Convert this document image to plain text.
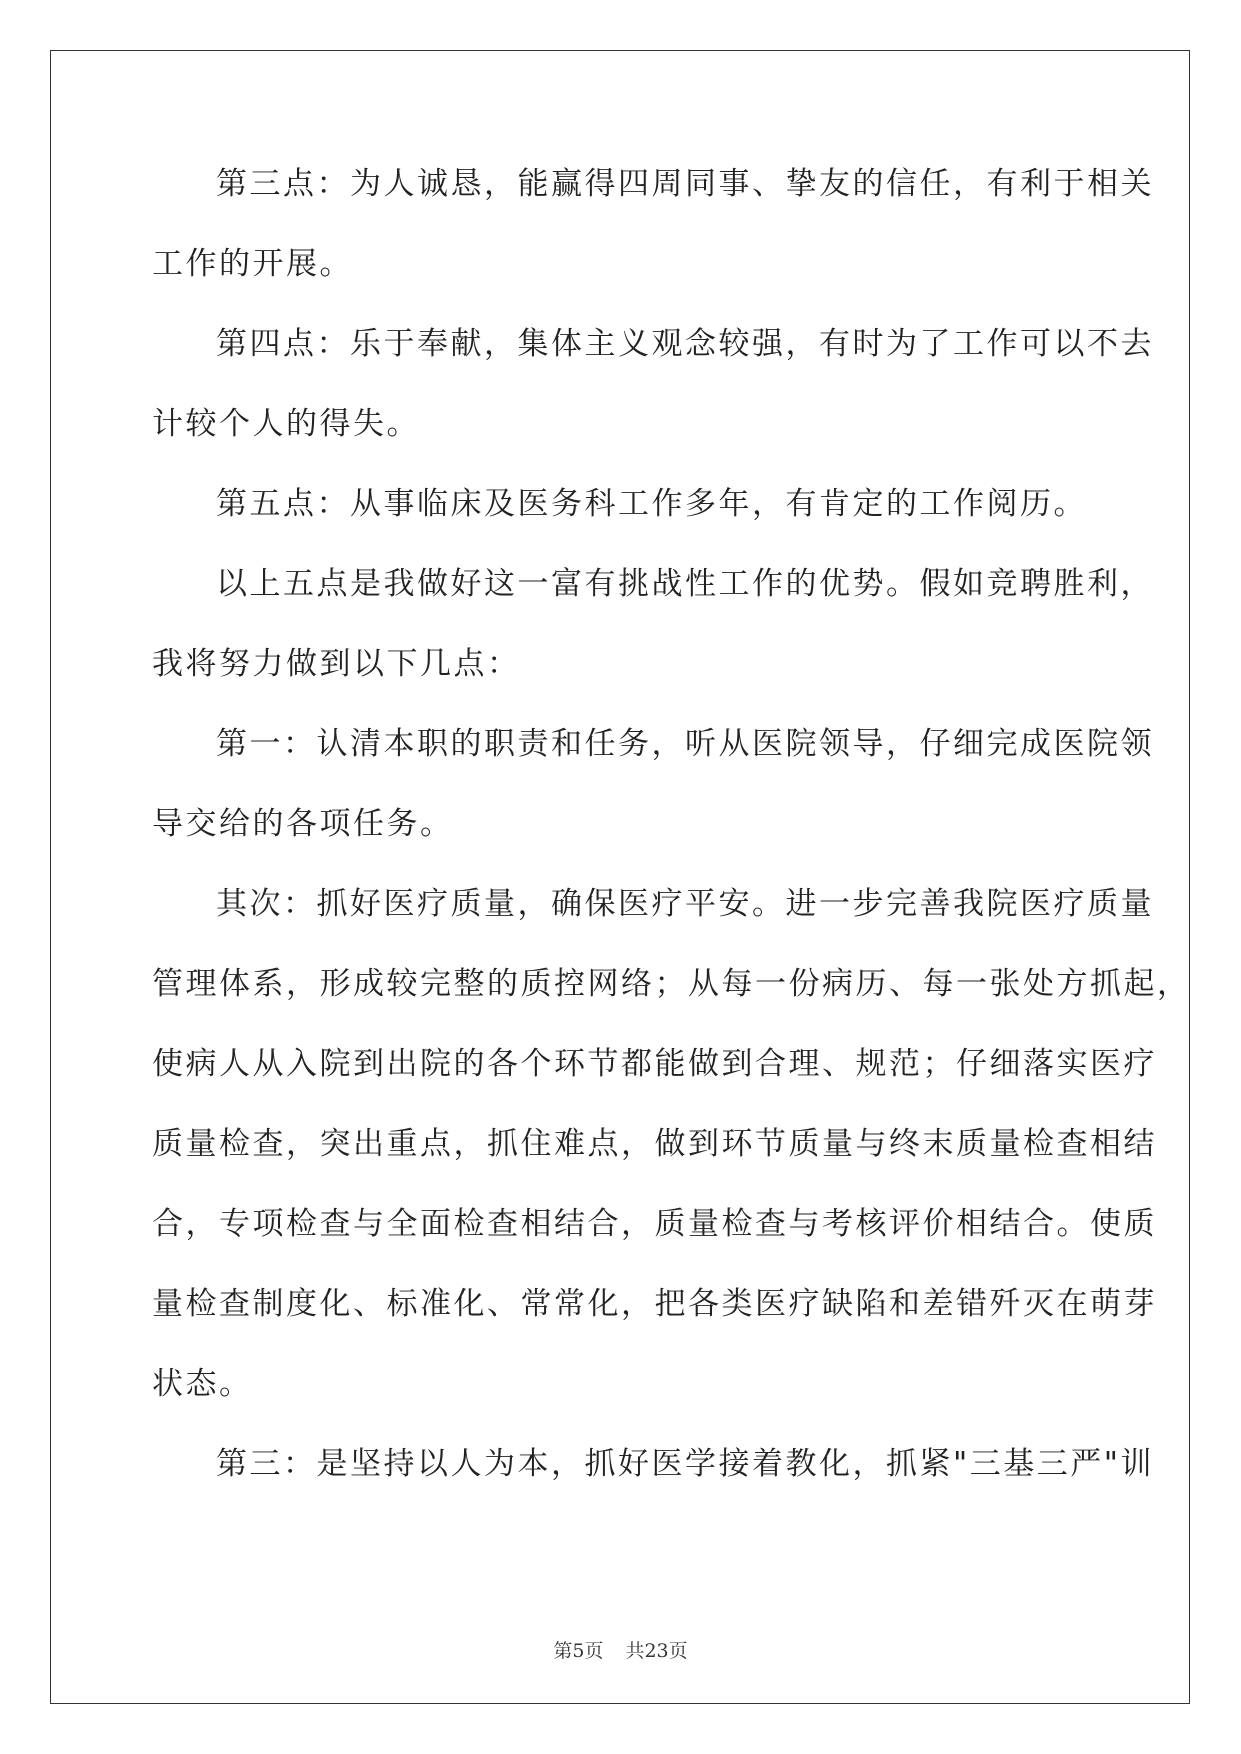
第三点：为人诚恳，能赢得四周同事、挚友的信任，有利于相关
工作的开展。
第四点：乐于奉献，集体主义观念较强，有时为了工作可以不去
计较个人的得失。
第五点：从事临床及医务科工作多年，有肯定的工作阅历。
以上五点是我做好这一富有挑战性工作的优势。假如竞聘胜利，
我将努力做到以下几点：
第一：认清本职的职责和任务，听从医院领导，仔细完成医院领
导交给的各项任务。
其次：抓好医疗质量，确保医疗平安。进一步完善我院医疗质量
管理体系，形成较完整的质控网络；从每一份病历、每一张处方抓起，
使病人从入院到出院的各个环节都能做到合理、规范；仔细落实医疗
质量检查，突出重点，抓住难点，做到环节质量与终末质量检查相结
合，专项检查与全面检查相结合，质量检查与考核评价相结合。使质
量检查制度化、标准化、常常化，把各类医疗缺陷和差错歼灭在萌芽
状态。
第三：是坚持以人为本，抓好医学接着教化，抓紧"三基三严"训
第5页 共23页
